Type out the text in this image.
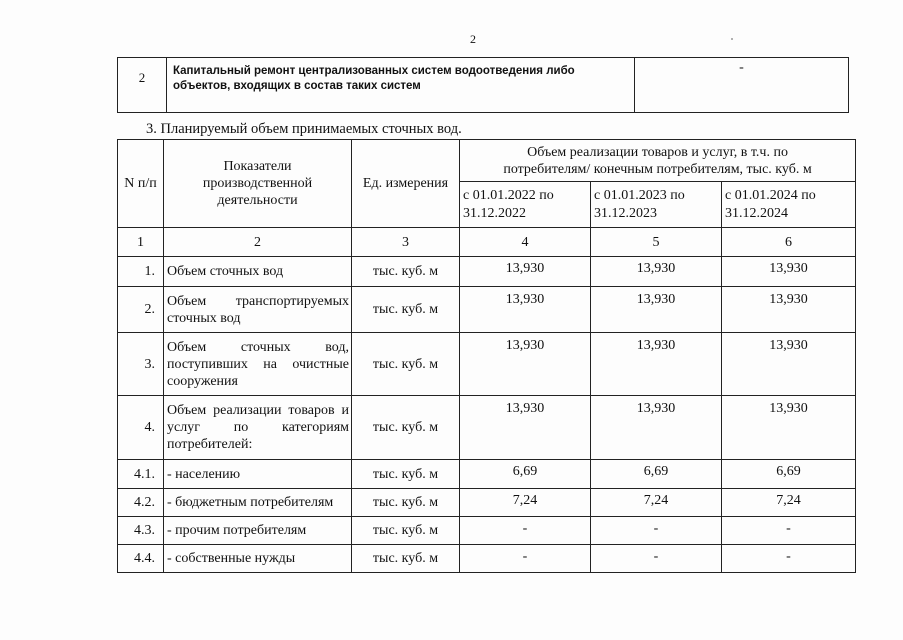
2
2	Капитальный ремонт централизованных систем водоотведения либо объектов, входящих в состав таких систем	-
3. Планируемый объем принимаемых сточных вод.
N п/п	Показатели производственной деятельности	Ед. измерения	Объем реализации товаров и услуг, в т.ч. по потребителям/ конечным потребителям, тыс. куб. м		
			с 01.01.2022 по 31.12.2022	с 01.01.2023 по 31.12.2023	с 01.01.2024 по 31.12.2024
1	2	3	4	5	6
1.	Объем сточных вод	тыс. куб. м	13,930	13,930	13,930
2.	Объем транспортируемых сточных вод	тыс. куб. м	13,930	13,930	13,930
3.	Объем сточных вод, поступивших на очистные сооружения	тыс. куб. м	13,930	13,930	13,930
4.	Объем реализации товаров и услуг по категориям потребителей:	тыс. куб. м	13,930	13,930	13,930
4.1.	- населению	тыс. куб. м	6,69	6,69	6,69
4.2.	- бюджетным потребителям	тыс. куб. м	7,24	7,24	7,24
4.3.	- прочим потребителям	тыс. куб. м	-	-	-
4.4.	- собственные нужды	тыс. куб. м	-	-	-
